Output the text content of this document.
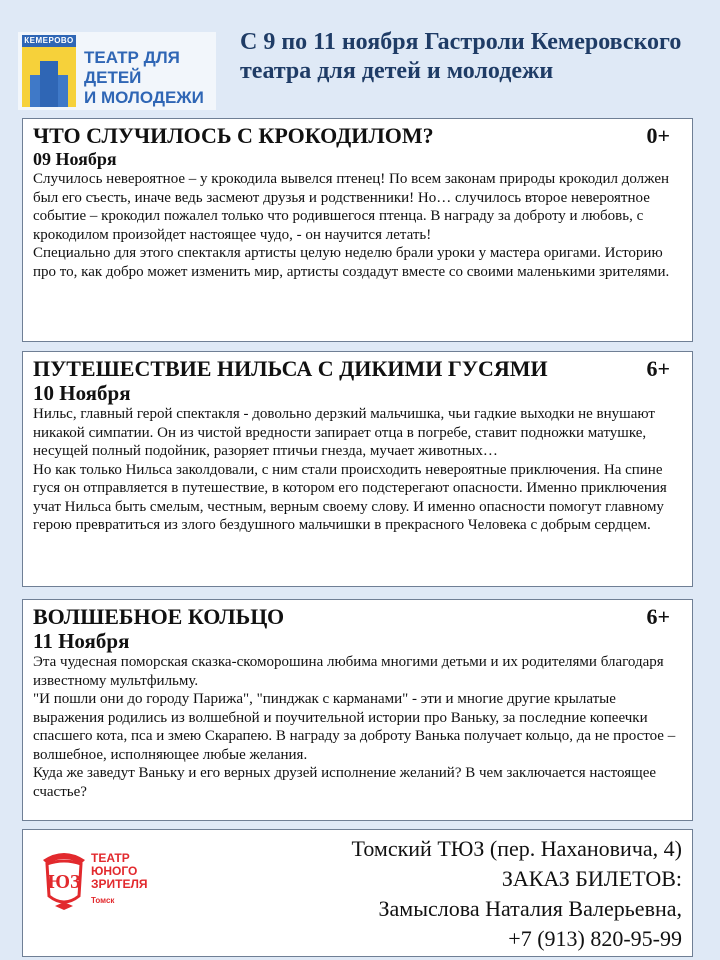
КЕМЕРОВО
ТЕАТР ДЛЯ ДЕТЕЙ
И МОЛОДЕЖИ
С 9 по 11 ноября Гастроли Кемеровского театра для детей и молодежи
ЧТО СЛУЧИЛОСЬ С КРОКОДИЛОМ?	0+
09 Ноября

Случилось невероятное – у крокодила вывелся птенец! По всем законам природы крокодил должен был его съесть, иначе ведь засмеют друзья и родственники! Но… случилось второе невероятное событие – крокодил пожалел только что родившегося птенца. В награду за доброту и любовь, с крокодилом произойдет настоящее чудо, - он научится летать!

Специально для этого спектакля артисты целую неделю брали уроки у мастера оригами. Историю про то, как добро может изменить мир, артисты создадут вместе со своими маленькими зрителями.

ПУТЕШЕСТВИЕ НИЛЬСА С ДИКИМИ ГУСЯМИ	6+
10 Ноября

Нильс, главный герой спектакля - довольно дерзкий мальчишка, чьи гадкие выходки не внушают никакой симпатии. Он из чистой вредности запирает отца в погребе, ставит подножки матушке, несущей полный подойник, разоряет птичьи гнезда, мучает животных…

Но как только Нильса заколдовали, с ним стали происходить невероятные приключения. На спине гуся он отправляется в путешествие, в котором его подстерегают опасности. Именно приключения учат Нильса быть смелым, честным, верным своему слову. И именно опасности помогут главному герою превратиться из злого бездушного мальчишки в прекрасного Человека с добрым сердцем.

ВОЛШЕБНОЕ КОЛЬЦО	6+
11 Ноября

Эта чудесная поморская сказка-скоморошина любима многими детьми и их родителями благодаря известному мультфильму.

"И пошли они до городу Парижа", "пинджак с карманами" - эти и многие другие крылатые выражения родились из волшебной и поучительной истории про Ваньку, за последние копеечки спасшего кота, пса и змею Скарапею. В награду за доброту Ванька получает кольцо, да не простое – волшебное, исполняющее любые желания.

Куда же заведут Ваньку и его верных друзей исполнение желаний? В чем заключается настоящее счастье?

ЮЗ
ТЕАТР
ЮНОГО
ЗРИТЕЛЯ
Томск
Томский ТЮЗ (пер. Нахановича, 4)
ЗАКАЗ БИЛЕТОВ:
Замыслова Наталия Валерьевна,
+7 (913) 820-95-99
